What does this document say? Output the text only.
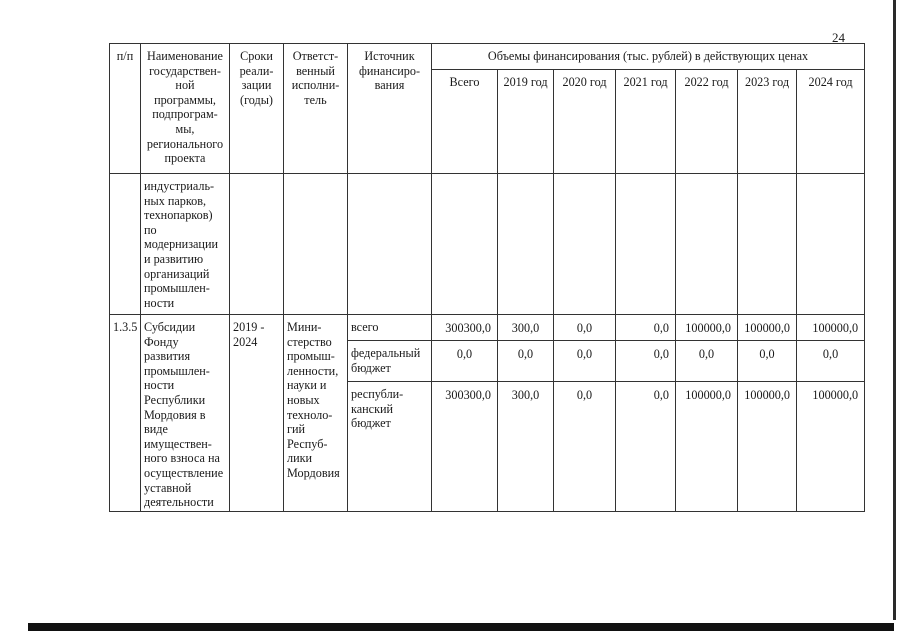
24
п/п	Наименование государствен-ной программы, подпрограм-мы, регионального проекта	Сроки реали-зации (годы)	Ответст-венный исполни-тель	Источник финансиро-вания	Объемы финансирования (тыс. рублей) в действующих ценах						
					Всего	2019 год	2020 год	2021 год	2022 год	2023 год	2024 год
	индустриаль-ных парков, технопарков) по модернизации и развитию организаций промышлен-ности										
1.3.5	Субсидии Фонду развития промышлен-ности Республики Мордовия в виде имуществен-ного взноса на осуществление уставной деятельности	2019 - 2024	Мини-стерство промыш-ленности, науки и новых техноло-гий Респуб-лики Мордовия	всего	300300,0	300,0	0,0	0,0	100000,0	100000,0	100000,0
				федеральный бюджет	0,0	0,0	0,0	0,0	0,0	0,0	0,0
				республи-канский бюджет	300300,0	300,0	0,0	0,0	100000,0	100000,0	100000,0
